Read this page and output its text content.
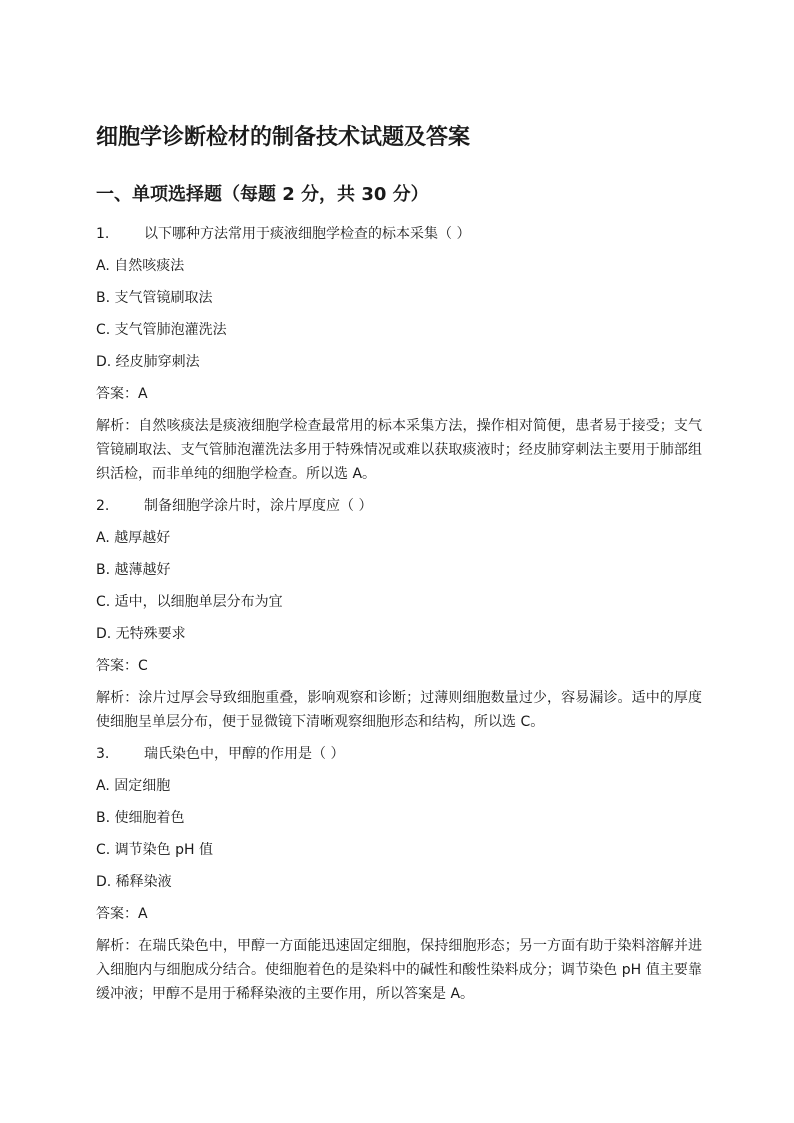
细胞学诊断检材的制备技术试题及答案
一、单项选择题（每题 2 分，共 30 分）
1.	以下哪种方法常用于痰液细胞学检查的标本采集（ ）
A. 自然咳痰法
B. 支气管镜刷取法
C. 支气管肺泡灌洗法
D. 经皮肺穿刺法
答案：A
解析：自然咳痰法是痰液细胞学检查最常用的标本采集方法，操作相对简便，患者易于接受；支气管镜刷取法、支气管肺泡灌洗法多用于特殊情况或难以获取痰液时；经皮肺穿刺法主要用于肺部组织活检，而非单纯的细胞学检查。所以选 A。
2.	制备细胞学涂片时，涂片厚度应（ ）
A. 越厚越好
B. 越薄越好
C. 适中，以细胞单层分布为宜
D. 无特殊要求
答案：C
解析：涂片过厚会导致细胞重叠，影响观察和诊断；过薄则细胞数量过少，容易漏诊。适中的厚度使细胞呈单层分布，便于显微镜下清晰观察细胞形态和结构，所以选 C。
3.	瑞氏染色中，甲醇的作用是（ ）
A. 固定细胞
B. 使细胞着色
C. 调节染色 pH 值
D. 稀释染液
答案：A
解析：在瑞氏染色中，甲醇一方面能迅速固定细胞，保持细胞形态；另一方面有助于染料溶解并进入细胞内与细胞成分结合。使细胞着色的是染料中的碱性和酸性染料成分；调节染色 pH 值主要靠缓冲液；甲醇不是用于稀释染液的主要作用，所以答案是 A。
